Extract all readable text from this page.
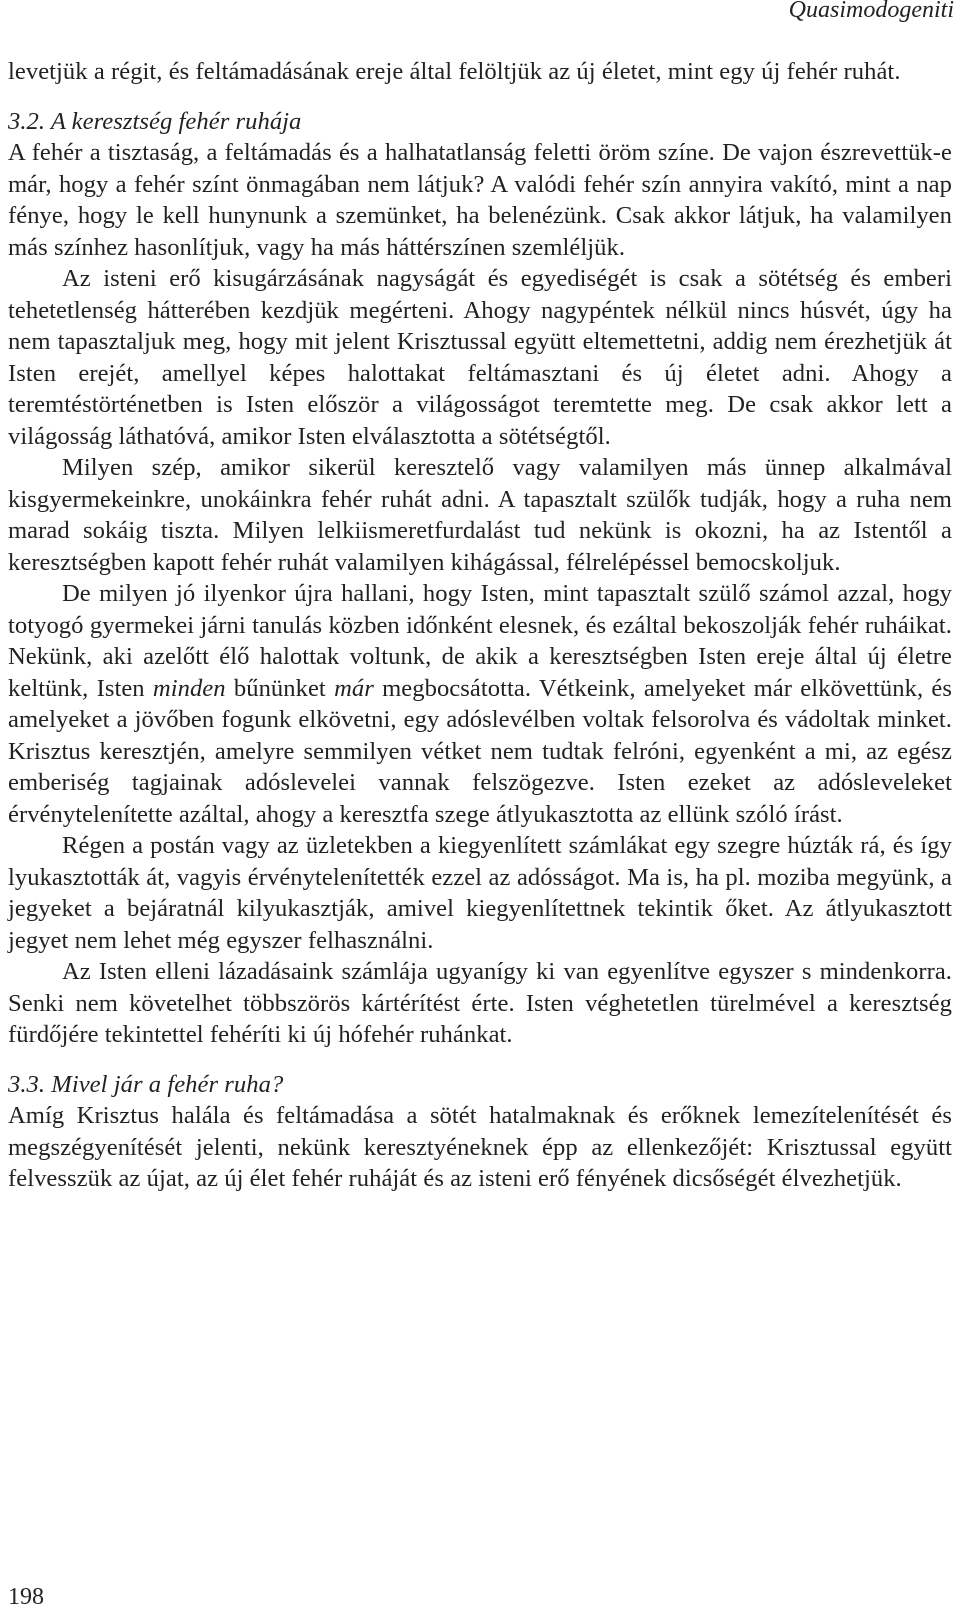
Quasimodogeniti

levetjük a régit, és feltámadásának ereje által felöltjük az új életet, mint egy új fehér ruhát.

3.2. A keresztség fehér ruhája

A fehér a tisztaság, a feltámadás és a halhatatlanság feletti öröm színe. De vajon észrevettük-e már, hogy a fehér színt önmagában nem látjuk? A valódi fehér szín annyira vakító, mint a nap fénye, hogy le kell hunynunk a szemünket, ha belenézünk. Csak akkor látjuk, ha valamilyen más színhez hasonlítjuk, vagy ha más háttérszínen szemléljük.

Az isteni erő kisugárzásának nagyságát és egyediségét is csak a sötétség és emberi tehetetlenség hátterében kezdjük megérteni. Ahogy nagypéntek nélkül nincs húsvét, úgy ha nem tapasztaljuk meg, hogy mit jelent Krisztussal együtt eltemettetni, addig nem érezhetjük át Isten erejét, amellyel képes halottakat feltámasztani és új életet adni. Ahogy a teremtéstörténetben is Isten először a világosságot teremtette meg. De csak akkor lett a világosság láthatóvá, amikor Isten elválasztotta a sötétségtől.

Milyen szép, amikor sikerül keresztelő vagy valamilyen más ünnep alkalmával kisgyermekeinkre, unokáinkra fehér ruhát adni. A tapasztalt szülők tudják, hogy a ruha nem marad sokáig tiszta. Milyen lelkiismeretfurdalást tud nekünk is okozni, ha az Istentől a keresztségben kapott fehér ruhát valamilyen kihágással, félrelépéssel bemocskoljuk.

De milyen jó ilyenkor újra hallani, hogy Isten, mint tapasztalt szülő számol azzal, hogy totyogó gyermekei járni tanulás közben időnként elesnek, és ezáltal bekoszolják fehér ruháikat. Nekünk, aki azelőtt élő halottak voltunk, de akik a keresztségben Isten ereje által új életre keltünk, Isten minden bűnünket már megbocsátotta. Vétkeink, amelyeket már elkövettünk, és amelyeket a jövőben fogunk elkövetni, egy adóslevélben voltak felsorolva és vádoltak minket. Krisztus keresztjén, amelyre semmilyen vétket nem tudtak felróni, egyenként a mi, az egész emberiség tagjainak adóslevelei vannak felszögezve. Isten ezeket az adósleveleket érvénytelenítette azáltal, ahogy a keresztfa szege átlyukasztotta az ellünk szóló írást.

Régen a postán vagy az üzletekben a kiegyenlített számlákat egy szegre húzták rá, és így lyukasztották át, vagyis érvénytelenítették ezzel az adósságot. Ma is, ha pl. moziba megyünk, a jegyeket a bejáratnál kilyukasztják, amivel kiegyenlítettnek tekintik őket. Az átlyukasztott jegyet nem lehet még egyszer felhasználni.

Az Isten elleni lázadásaink számlája ugyanígy ki van egyenlítve egyszer s mindenkorra. Senki nem követelhet többszörös kártérítést érte. Isten véghetetlen türelmével a keresztség fürdőjére tekintettel fehéríti ki új hófehér ruhánkat.

3.3. Mivel jár a fehér ruha?

Amíg Krisztus halála és feltámadása a sötét hatalmaknak és erőknek lemezítelenítését és megszégyenítését jelenti, nekünk keresztyéneknek épp az ellenkezőjét: Krisztussal együtt felvesszük az újat, az új élet fehér ruháját és az isteni erő fényének dicsőségét élvezhetjük.

198
